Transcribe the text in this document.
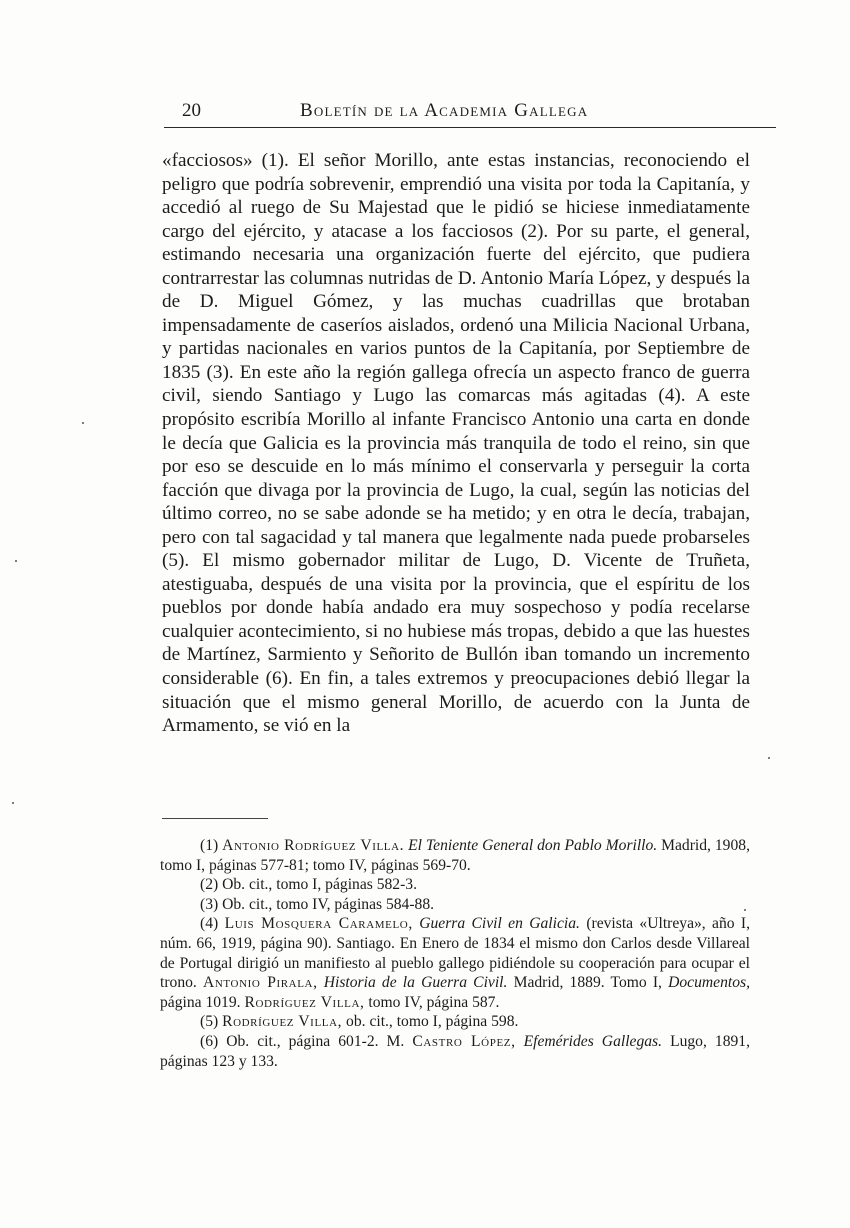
20	Boletín de la Academia Gallega

«facciosos» (1). El señor Morillo, ante estas instancias, reconociendo el peligro que podría sobrevenir, emprendió una visita por toda la Capitanía, y accedió al ruego de Su Majestad que le pidió se hiciese inmediatamente cargo del ejército, y atacase a los facciosos (2). Por su parte, el general, estimando necesaria una organización fuerte del ejército, que pudiera contrarrestar las columnas nutridas de D. Antonio María López, y después la de D. Miguel Gómez, y las muchas cuadrillas que brotaban impensadamente de caseríos aislados, ordenó una Milicia Nacional Urbana, y partidas nacionales en varios puntos de la Capitanía, por Septiembre de 1835 (3). En este año la región gallega ofrecía un aspecto franco de guerra civil, siendo Santiago y Lugo las comarcas más agitadas (4). A este propósito escribía Morillo al infante Francisco Antonio una carta en donde le decía que Galicia es la provincia más tranquila de todo el reino, sin que por eso se descuide en lo más mínimo el conservarla y perseguir la corta facción que divaga por la provincia de Lugo, la cual, según las noticias del último correo, no se sabe adonde se ha metido; y en otra le decía, trabajan, pero con tal sagacidad y tal manera que legalmente nada puede probarseles (5). El mismo gobernador militar de Lugo, D. Vicente de Truñeta, atestiguaba, después de una visita por la provincia, que el espíritu de los pueblos por donde había andado era muy sospechoso y podía recelarse cualquier acontecimiento, si no hubiese más tropas, debido a que las huestes de Martínez, Sarmiento y Señorito de Bullón iban tomando un incremento considerable (6). En fin, a tales extremos y preocupaciones debió llegar la situación que el mismo general Morillo, de acuerdo con la Junta de Armamento, se vió en la

(1) Antonio Rodríguez Villa. El Teniente General don Pablo Morillo. Madrid, 1908, tomo I, páginas 577-81; tomo IV, páginas 569-70.

(2) Ob. cit., tomo I, páginas 582-3.

(3) Ob. cit., tomo IV, páginas 584-88.

(4) Luis Mosquera Caramelo, Guerra Civil en Galicia. (revista «Ultreya», año I, núm. 66, 1919, página 90). Santiago. En Enero de 1834 el mismo don Carlos desde Villareal de Portugal dirigió un manifiesto al pueblo gallego pidiéndole su cooperación para ocupar el trono. Antonio Pirala, Historia de la Guerra Civil. Madrid, 1889. Tomo I, Documentos, página 1019. Rodríguez Villa, tomo IV, página 587.

(5) Rodríguez Villa, ob. cit., tomo I, página 598.

(6) Ob. cit., página 601-2. M. Castro López, Efemérides Gallegas. Lugo, 1891, páginas 123 y 133.
